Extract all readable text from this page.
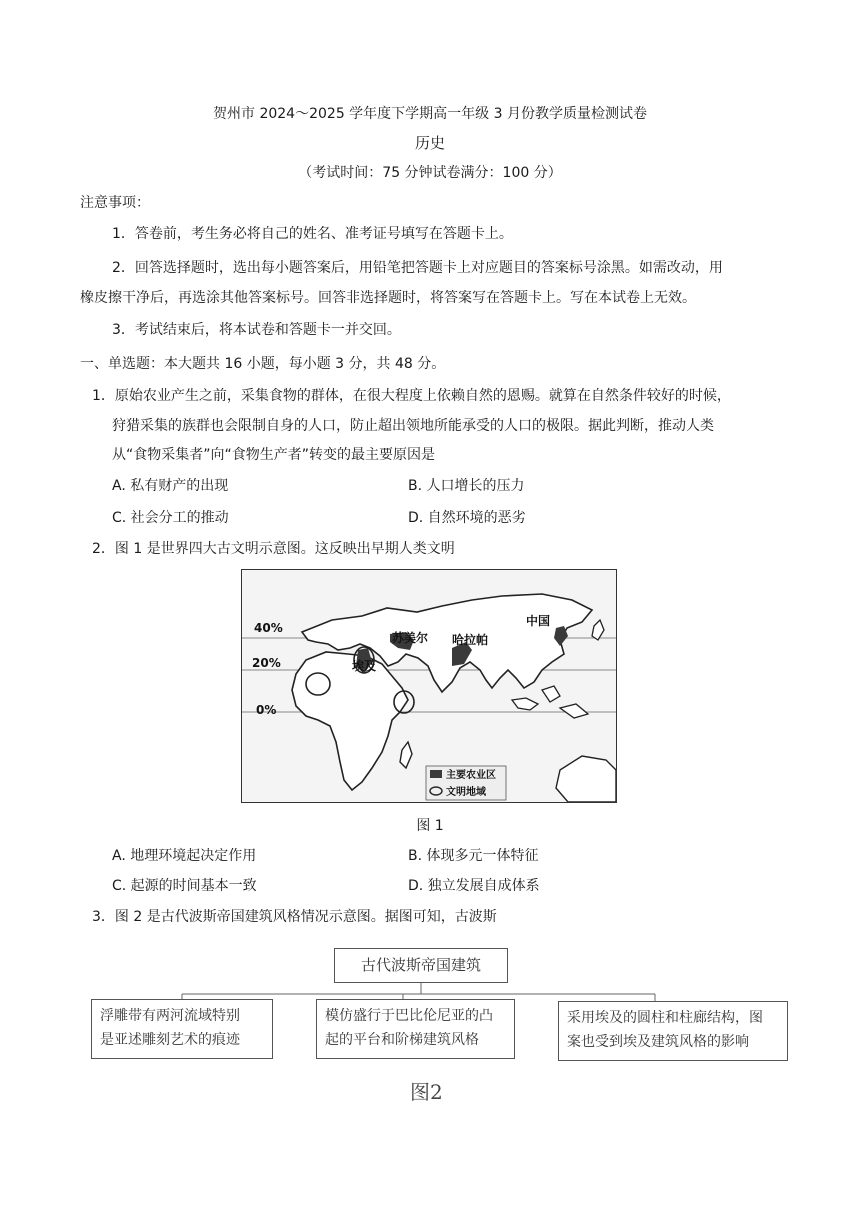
贺州市 2024～2025 学年度下学期高一年级 3 月份教学质量检测试卷
历史
（考试时间：75 分钟试卷满分：100 分）
注意事项：
1．答卷前，考生务必将自己的姓名、准考证号填写在答题卡上。
2．回答选择题时，选出每小题答案后，用铅笔把答题卡上对应题目的答案标号涂黑。如需改动，用
橡皮擦干净后，再选涂其他答案标号。回答非选择题时，将答案写在答题卡上。写在本试卷上无效。
3．考试结束后，将本试卷和答题卡一并交回。
一、单选题：本大题共 16 小题，每小题 3 分，共 48 分。
1．原始农业产生之前，采集食物的群体，在很大程度上依赖自然的恩赐。就算在自然条件较好的时候，
狩猎采集的族群也会限制自身的人口，防止超出领地所能承受的人口的极限。据此判断，推动人类
从“食物采集者”向“食物生产者”转变的最主要原因是
A. 私有财产的出现	B. 人口增长的压力
C. 社会分工的推动	D. 自然环境的恶劣
2．图 1 是世界四大古文明示意图。这反映出早期人类文明
40%
20%
0%
埃及
苏美尔 哈拉帕
中国
主要农业区
文明地域
图 1
A. 地理环境起决定作用	B. 体现多元一体特征
C. 起源的时间基本一致	D. 独立发展自成体系
3．图 2 是古代波斯帝国建筑风格情况示意图。据图可知，古波斯
古代波斯帝国建筑
浮雕带有两河流域特别
是亚述雕刻艺术的痕迹
模仿盛行于巴比伦尼亚的凸
起的平台和阶梯建筑风格
采用埃及的圆柱和柱廊结构，图
案也受到埃及建筑风格的影响
图2
